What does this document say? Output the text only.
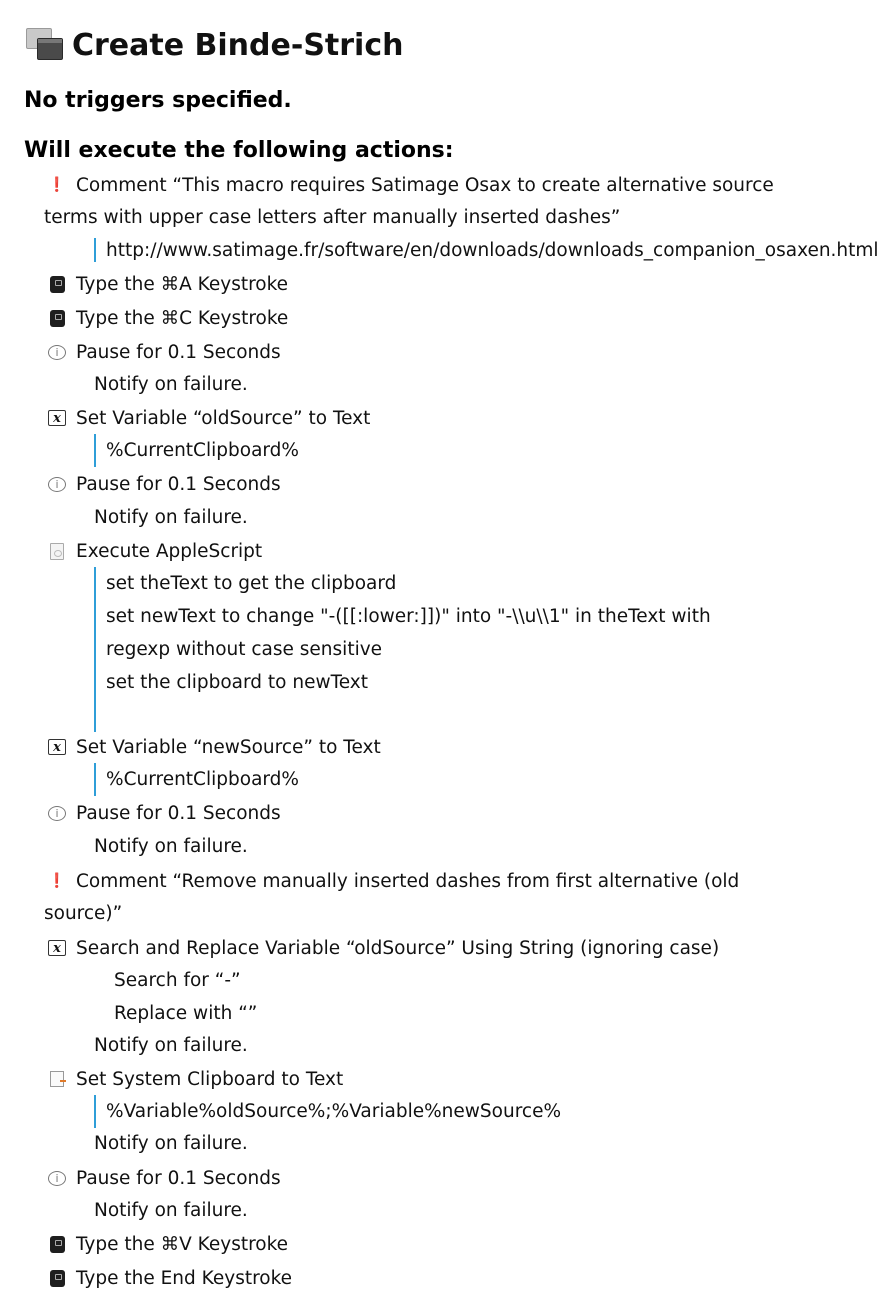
Create Binde-Strich
No triggers specified.
Will execute the following actions:
❗ Comment “This macro requires Satimage Osax to create alternative source
terms with upper case letters after manually inserted dashes”
http://www.satimage.fr/software/en/downloads/downloads_companion_osaxen.html
Type the ⌘A Keystroke
Type the ⌘C Keystroke
i Pause for 0.1 Seconds
Notify on failure.
x Set Variable “oldSource” to Text
%CurrentClipboard%
i Pause for 0.1 Seconds
Notify on failure.
Execute AppleScript
set theText to get the clipboard
set newText to change "-([[:lower:]])" into "-\\u\\1" in theText with
regexp without case sensitive
set the clipboard to newText
x Set Variable “newSource” to Text
%CurrentClipboard%
i Pause for 0.1 Seconds
Notify on failure.
❗ Comment “Remove manually inserted dashes from first alternative (old
source)”
x Search and Replace Variable “oldSource” Using String (ignoring case)
Search for “-”
Replace with “”
Notify on failure.
Set System Clipboard to Text
%Variable%oldSource%;%Variable%newSource%
Notify on failure.
i Pause for 0.1 Seconds
Notify on failure.
Type the ⌘V Keystroke
Type the End Keystroke
